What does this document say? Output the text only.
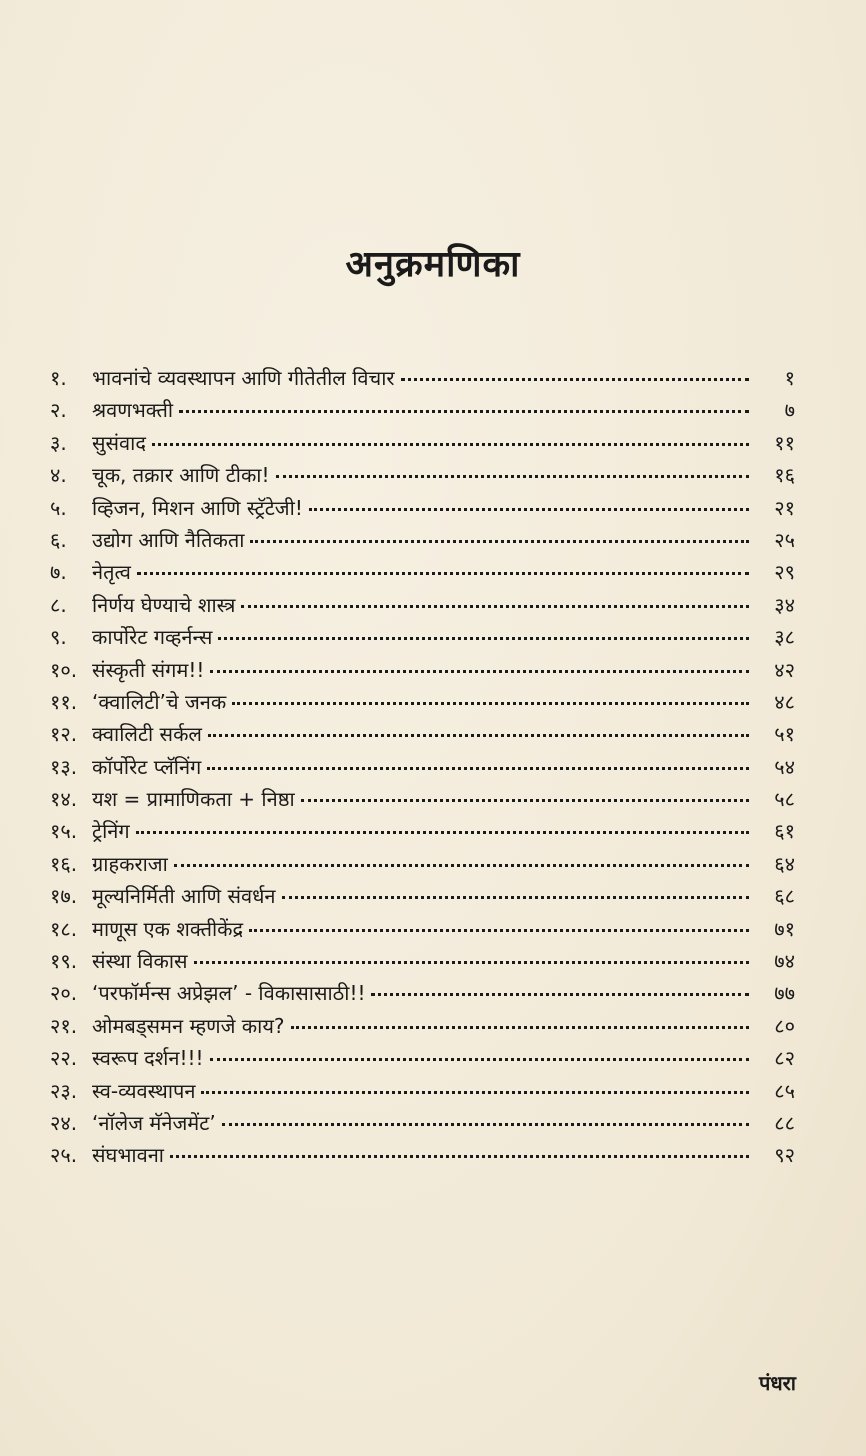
अनुक्रमणिका
१.	भावनांचे व्यवस्थापन आणि गीतेतील विचार	१
२.	श्रवणभक्ती	७
३.	सुसंवाद	११
४.	चूक, तक्रार आणि टीका!	१६
५.	व्हिजन, मिशन आणि स्ट्रॅटेजी!	२१
६.	उद्योग आणि नैतिकता	२५
७.	नेतृत्व	२९
८.	निर्णय घेण्याचे शास्त्र	३४
९.	कार्पोरेट गव्हर्नन्स	३८
१०. संस्कृती संगम!!	४२
११. ‘क्वालिटी’चे जनक	४८
१२. क्वालिटी सर्कल	५१
१३. कॉर्पोरेट प्लॅनिंग	५४
१४. यश = प्रामाणिकता + निष्ठा	५८
१५. ट्रेनिंग	६१
१६. ग्राहकराजा	६४
१७. मूल्यनिर्मिती आणि संवर्धन	६८
१८. माणूस एक शक्तीकेंद्र	७१
१९. संस्था विकास	७४
२०. ‘परफॉर्मन्स अप्रेझल’ - विकासासाठी!!	७७
२१. ओमबड्समन म्हणजे काय?	८०
२२. स्वरूप दर्शन!!!	८२
२३. स्व-व्यवस्थापन	८५
२४. ‘नॉलेज मॅनेजमेंट’	८८
२५. संघभावना	९२
पंधरा
